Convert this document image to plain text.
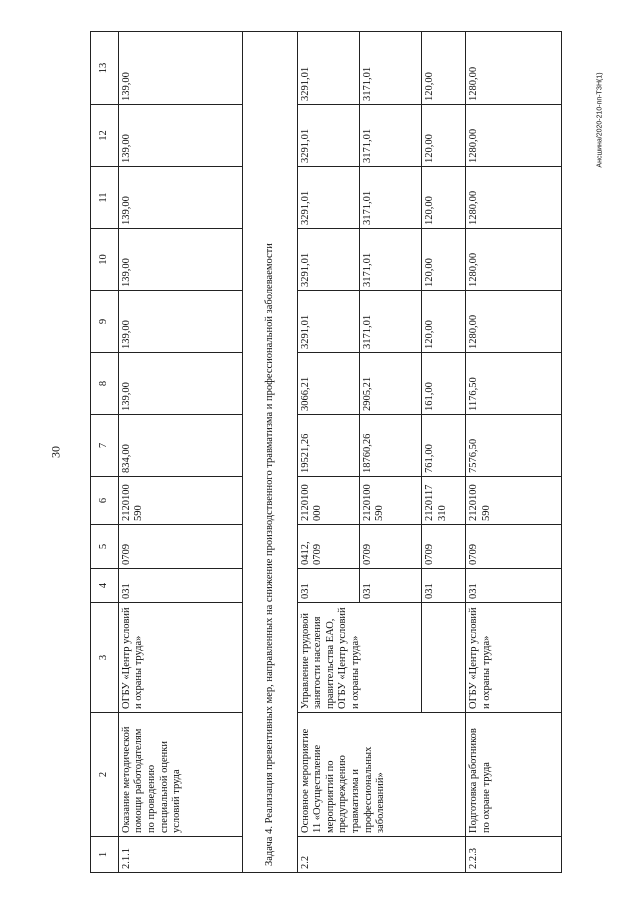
30
Ансшина/2020-210-пп-ТЗН(1)
1	2	3	4	5	6	7	8	9	10	11	12	13
2.1.1	Оказание методической помощи работодателям по проведению специальной оценки условий труда	ОГБУ «Центр условий и охраны труда»	031	0709	2120100 590	834,00	139,00	139,00	139,00	139,00	139,00	139,00
Задача 4. Реализация превентивных мер, направленных на снижение производственного травматизма и профессиональной заболеваемости												
2.2	Основное мероприятие 11 «Осуществление мероприятий по предупреждению травматизма и профессиональных заболеваний»	Управление трудовой занятости населения правительства ЕАО, ОГБУ «Центр условий и охраны труда»	031	0412, 0709	2120100 000	19521,26	3066,21	3291,01	3291,01	3291,01	3291,01	3291,01
			031	0709	2120100 590	18760,26	2905,21	3171,01	3171,01	3171,01	3171,01	3171,01
			031	0709	2120117 310	761,00	161,00	120,00	120,00	120,00	120,00	120,00
2.2.3	Подготовка работников по охране труда	ОГБУ «Центр условий и охраны труда»	031	0709	2120100 590	7576,50	1176,50	1280,00	1280,00	1280,00	1280,00	1280,00
